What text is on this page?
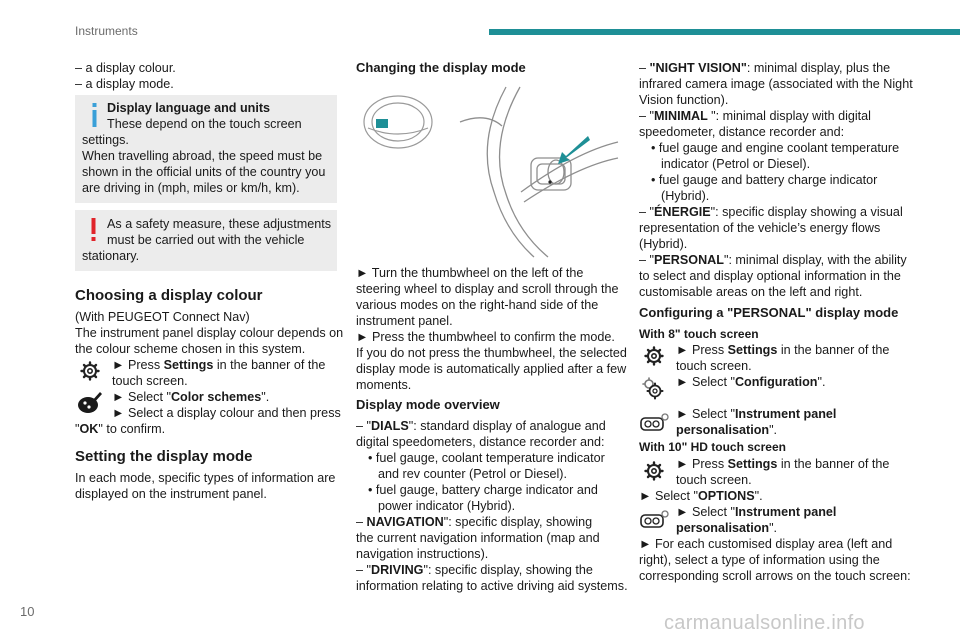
Instruments
– a display colour.
– a display mode.
Display language and units
These depend on the touch screen
settings.
When travelling abroad, the speed must be
shown in the official units of the country you
are driving in (mph, miles or km/h, km).
As a safety measure, these adjustments
must be carried out with the vehicle
stationary.
Choosing a display colour
(With PEUGEOT Connect Nav)
The instrument panel display colour depends on
the colour scheme chosen in this system.
► Press Settings in the banner of the
touch screen.
► Select "Color schemes".
► Select a display colour and then press
"OK" to confirm.
Setting the display mode
In each mode, specific types of information are
displayed on the instrument panel.
Changing the display mode
► Turn the thumbwheel on the left of the
steering wheel to display and scroll through the
various modes on the right-hand side of the
instrument panel.
► Press the thumbwheel to confirm the mode.
If you do not press the thumbwheel, the selected
display mode is automatically applied after a few
moments.
Display mode overview
– "DIALS": standard display of analogue and
digital speedometers, distance recorder and:
• fuel gauge, coolant temperature indicator
and rev counter (Petrol or Diesel).
• fuel gauge, battery charge indicator and
power indicator (Hybrid).
– NAVIGATION": specific display, showing
the current navigation information (map and
navigation instructions).
– "DRIVING": specific display, showing the
information relating to active driving aid systems.
– "NIGHT VISION": minimal display, plus the
infrared camera image (associated with the Night
Vision function).
– "MINIMAL ": minimal display with digital
speedometer, distance recorder and:
• fuel gauge and engine coolant temperature
indicator (Petrol or Diesel).
• fuel gauge and battery charge indicator
(Hybrid).
– "ÉNERGIE": specific display showing a visual
representation of the vehicle’s energy flows
(Hybrid).
– "PERSONAL": minimal display, with the ability
to select and display optional information in the
customisable areas on the left and right.
Configuring a "PERSONAL" display mode
With 8" touch screen
► Press Settings in the banner of the
touch screen.
► Select "Configuration".
► Select "Instrument panel
personalisation".
With 10" HD touch screen
► Press Settings in the banner of the
touch screen.
► Select "OPTIONS".
► Select "Instrument panel
personalisation".
► For each customised display area (left and
right), select a type of information using the
corresponding scroll arrows on the touch screen:
10
carmanualsonline.info
